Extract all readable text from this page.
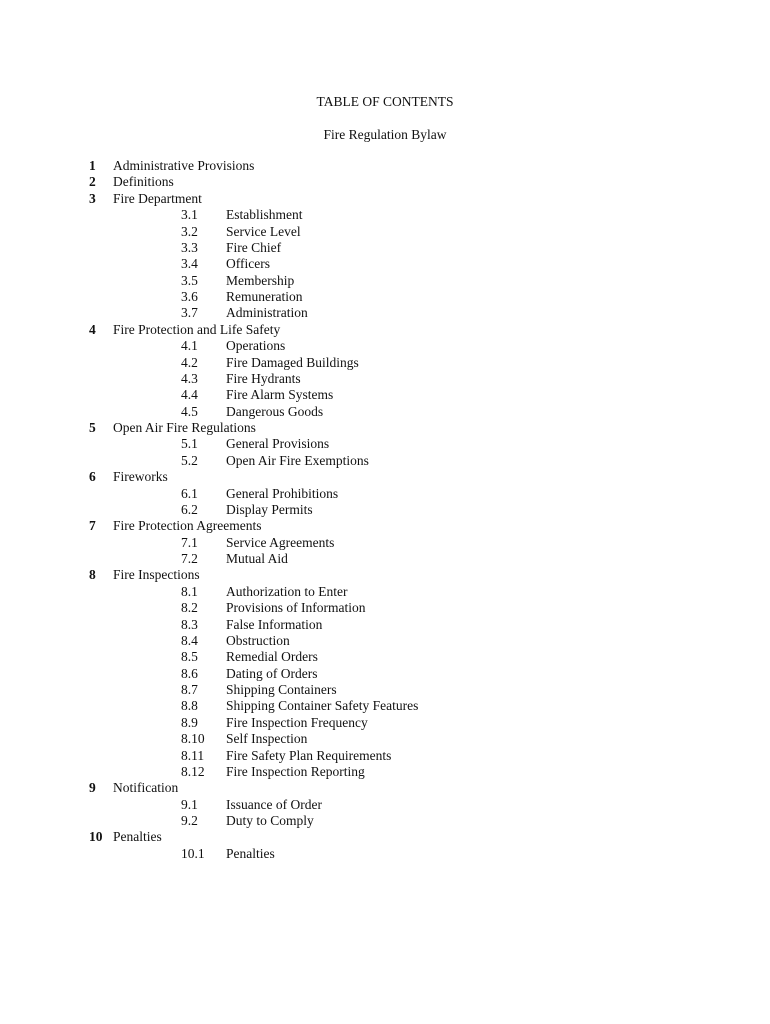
TABLE OF CONTENTS
Fire Regulation Bylaw
1 Administrative Provisions
2 Definitions
3 Fire Department
3.1 Establishment
3.2 Service Level
3.3 Fire Chief
3.4 Officers
3.5 Membership
3.6 Remuneration
3.7 Administration
4 Fire Protection and Life Safety
4.1 Operations
4.2 Fire Damaged Buildings
4.3 Fire Hydrants
4.4 Fire Alarm Systems
4.5 Dangerous Goods
5 Open Air Fire Regulations
5.1 General Provisions
5.2 Open Air Fire Exemptions
6 Fireworks
6.1 General Prohibitions
6.2 Display Permits
7 Fire Protection Agreements
7.1 Service Agreements
7.2 Mutual Aid
8 Fire Inspections
8.1 Authorization to Enter
8.2 Provisions of Information
8.3 False Information
8.4 Obstruction
8.5 Remedial Orders
8.6 Dating of Orders
8.7 Shipping Containers
8.8 Shipping Container Safety Features
8.9 Fire Inspection Frequency
8.10 Self Inspection
8.11 Fire Safety Plan Requirements
8.12 Fire Inspection Reporting
9 Notification
9.1 Issuance of Order
9.2 Duty to Comply
10 Penalties
10.1 Penalties
